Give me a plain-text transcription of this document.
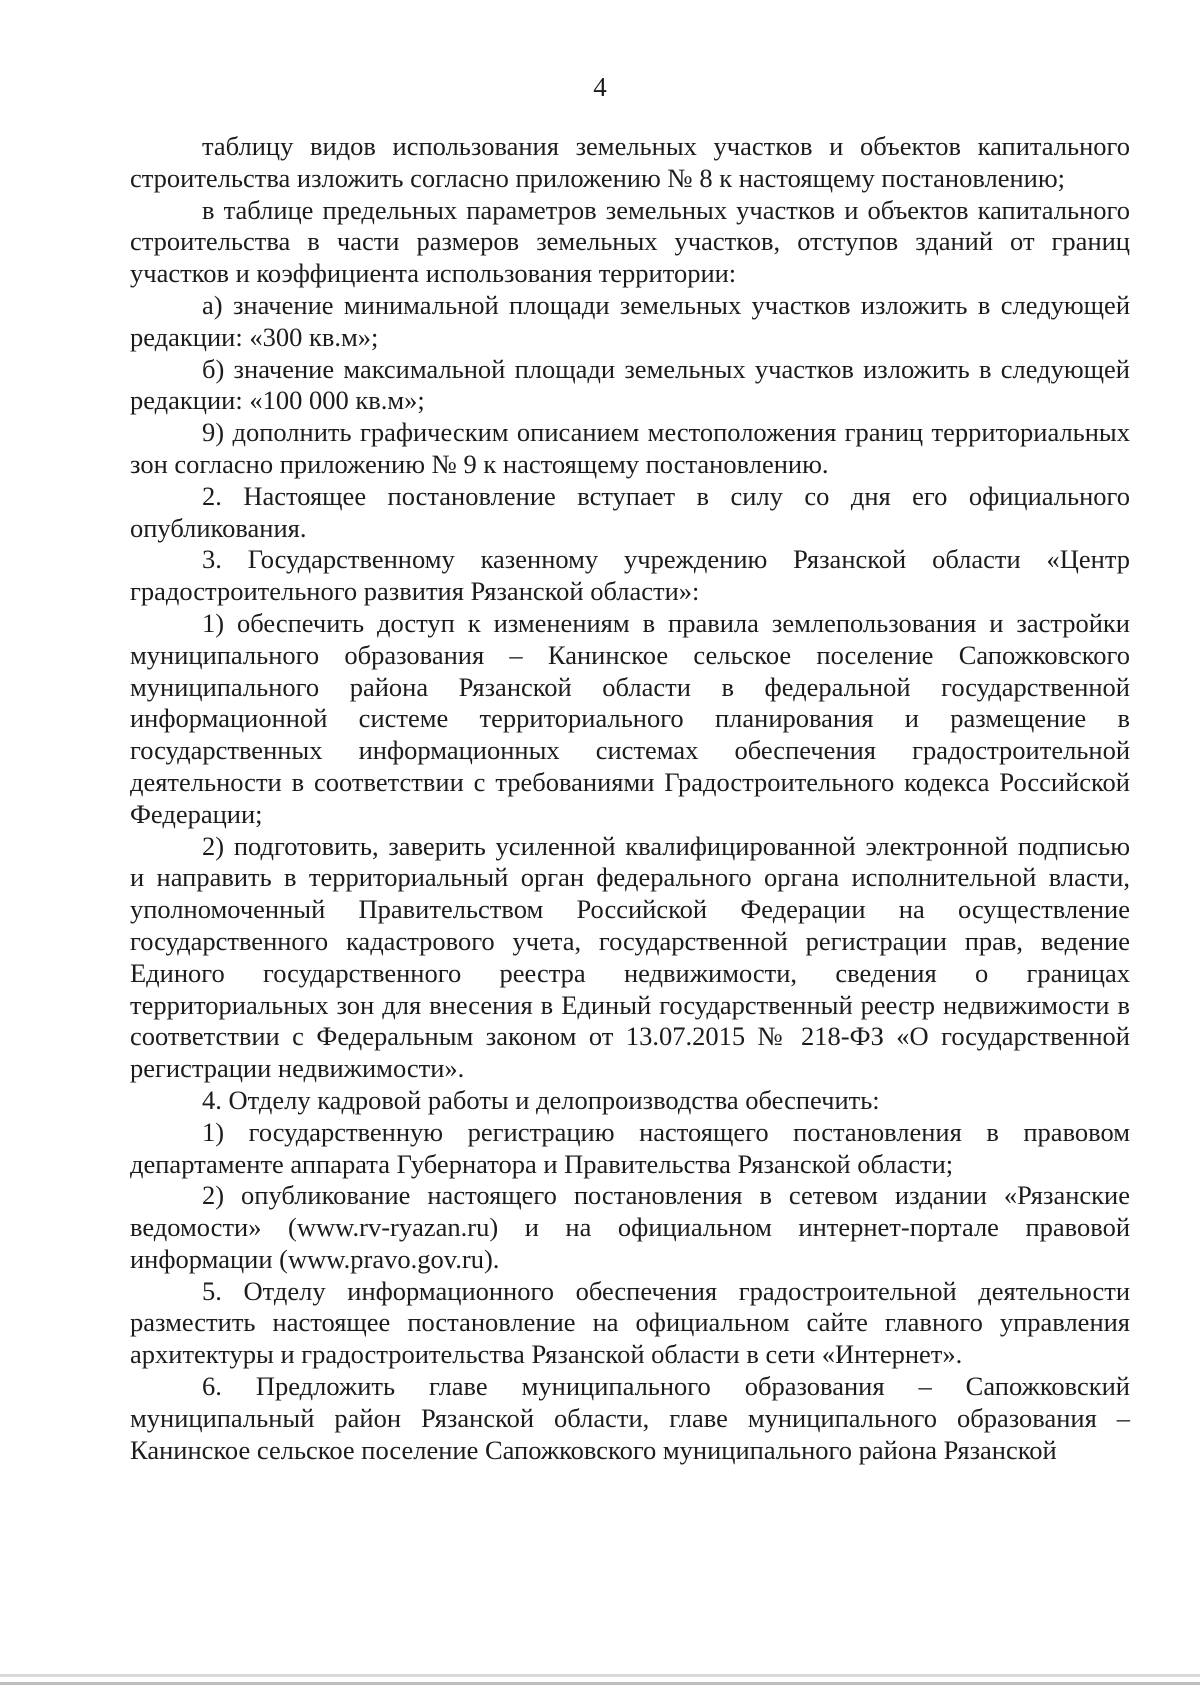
4

таблицу видов использования земельных участков и объектов капитального строительства изложить согласно приложению № 8 к настоящему постановлению;

в таблице предельных параметров земельных участков и объектов капитального строительства в части размеров земельных участков, отступов зданий от границ участков и коэффициента использования территории:

а) значение минимальной площади земельных участков изложить в следующей редакции: «300 кв.м»;

б) значение максимальной площади земельных участков изложить в следующей редакции: «100 000 кв.м»;

9) дополнить графическим описанием местоположения границ территориальных зон согласно приложению № 9 к настоящему постановлению.

2. Настоящее постановление вступает в силу со дня его официального опубликования.

3. Государственному казенному учреждению Рязанской области «Центр градостроительного развития Рязанской области»:

1) обеспечить доступ к изменениям в правила землепользования и застройки муниципального образования – Канинское сельское поселение Сапожковского муниципального района Рязанской области в федеральной государственной информационной системе территориального планирования и размещение в государственных информационных системах обеспечения градостроительной деятельности в соответствии с требованиями Градостроительного кодекса Российской Федерации;

2) подготовить, заверить усиленной квалифицированной электронной подписью и направить в территориальный орган федерального органа исполнительной власти, уполномоченный Правительством Российской Федерации на осуществление государственного кадастрового учета, государственной регистрации прав, ведение Единого государственного реестра недвижимости, сведения о границах территориальных зон для внесения в Единый государственный реестр недвижимости в соответствии с Федеральным законом от 13.07.2015 № 218-ФЗ «О государственной регистрации недвижимости».

4. Отделу кадровой работы и делопроизводства обеспечить:

1) государственную регистрацию настоящего постановления в правовом департаменте аппарата Губернатора и Правительства Рязанской области;

2) опубликование настоящего постановления в сетевом издании «Рязанские ведомости» (www.rv-ryazan.ru) и на официальном интернет-портале правовой информации (www.pravo.gov.ru).

5. Отделу информационного обеспечения градостроительной деятельности разместить настоящее постановление на официальном сайте главного управления архитектуры и градостроительства Рязанской области в сети «Интернет».

6. Предложить главе муниципального образования – Сапожковский муниципальный район Рязанской области, главе муниципального образования – Канинское сельское поселение Сапожковского муниципального района Рязанской
